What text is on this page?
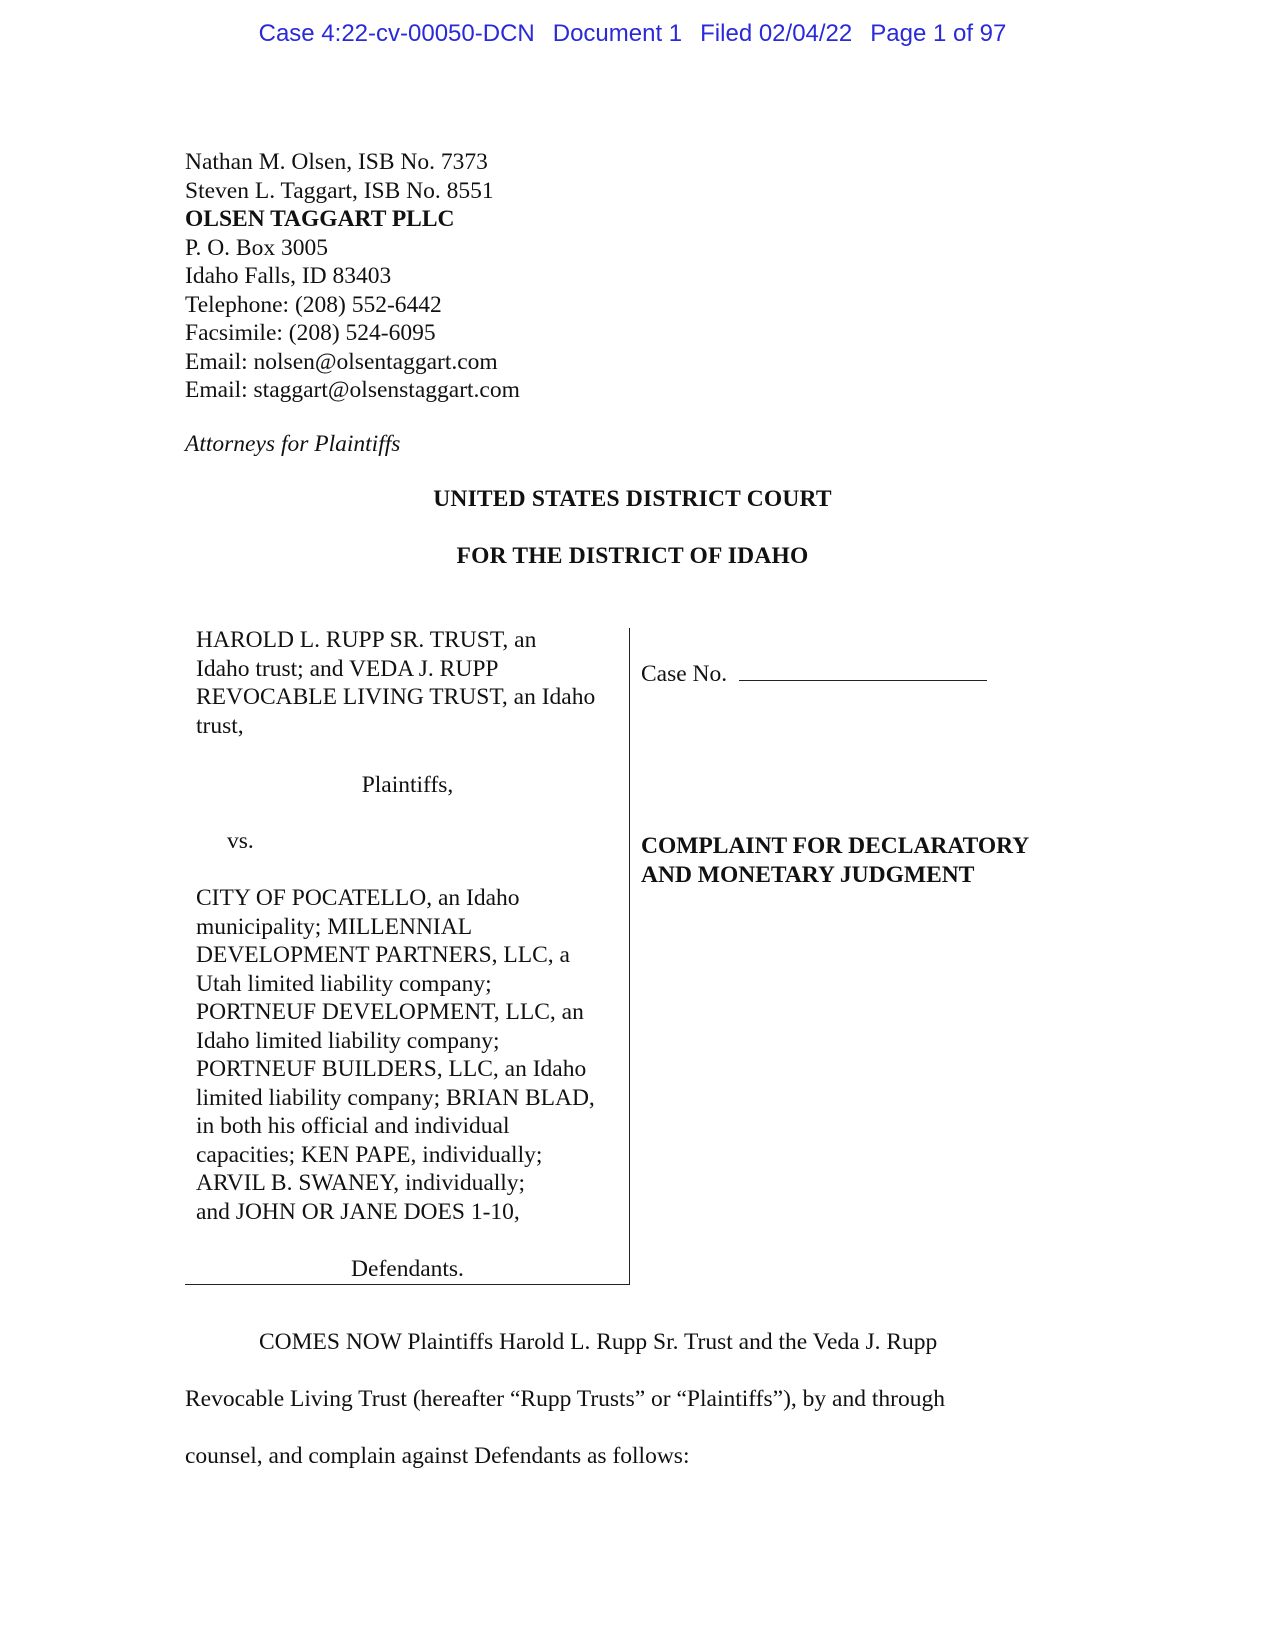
Case 4:22-cv-00050-DCN Document 1 Filed 02/04/22 Page 1 of 97
Nathan M. Olsen, ISB No. 7373
Steven L. Taggart, ISB No. 8551
OLSEN TAGGART PLLC
P. O. Box 3005
Idaho Falls, ID 83403
Telephone: (208) 552-6442
Facsimile: (208) 524-6095
Email: nolsen@olsentaggart.com
Email: staggart@olsenstaggart.com
Attorneys for Plaintiffs
UNITED STATES DISTRICT COURT
FOR THE DISTRICT OF IDAHO
HAROLD L. RUPP SR. TRUST, an
Idaho trust; and VEDA J. RUPP
REVOCABLE LIVING TRUST, an Idaho
trust,
Plaintiffs,
vs.
CITY OF POCATELLO, an Idaho
municipality; MILLENNIAL
DEVELOPMENT PARTNERS, LLC, a
Utah limited liability company;
PORTNEUF DEVELOPMENT, LLC, an
Idaho limited liability company;
PORTNEUF BUILDERS, LLC, an Idaho
limited liability company; BRIAN BLAD,
in both his official and individual
capacities; KEN PAPE, individually;
ARVIL B. SWANEY, individually;
and JOHN OR JANE DOES 1-10,
Defendants.
Case No.
COMPLAINT FOR DECLARATORY
AND MONETARY JUDGMENT
COMES NOW Plaintiffs Harold L. Rupp Sr. Trust and the Veda J. Rupp
Revocable Living Trust (hereafter “Rupp Trusts” or “Plaintiffs”), by and through
counsel, and complain against Defendants as follows:
